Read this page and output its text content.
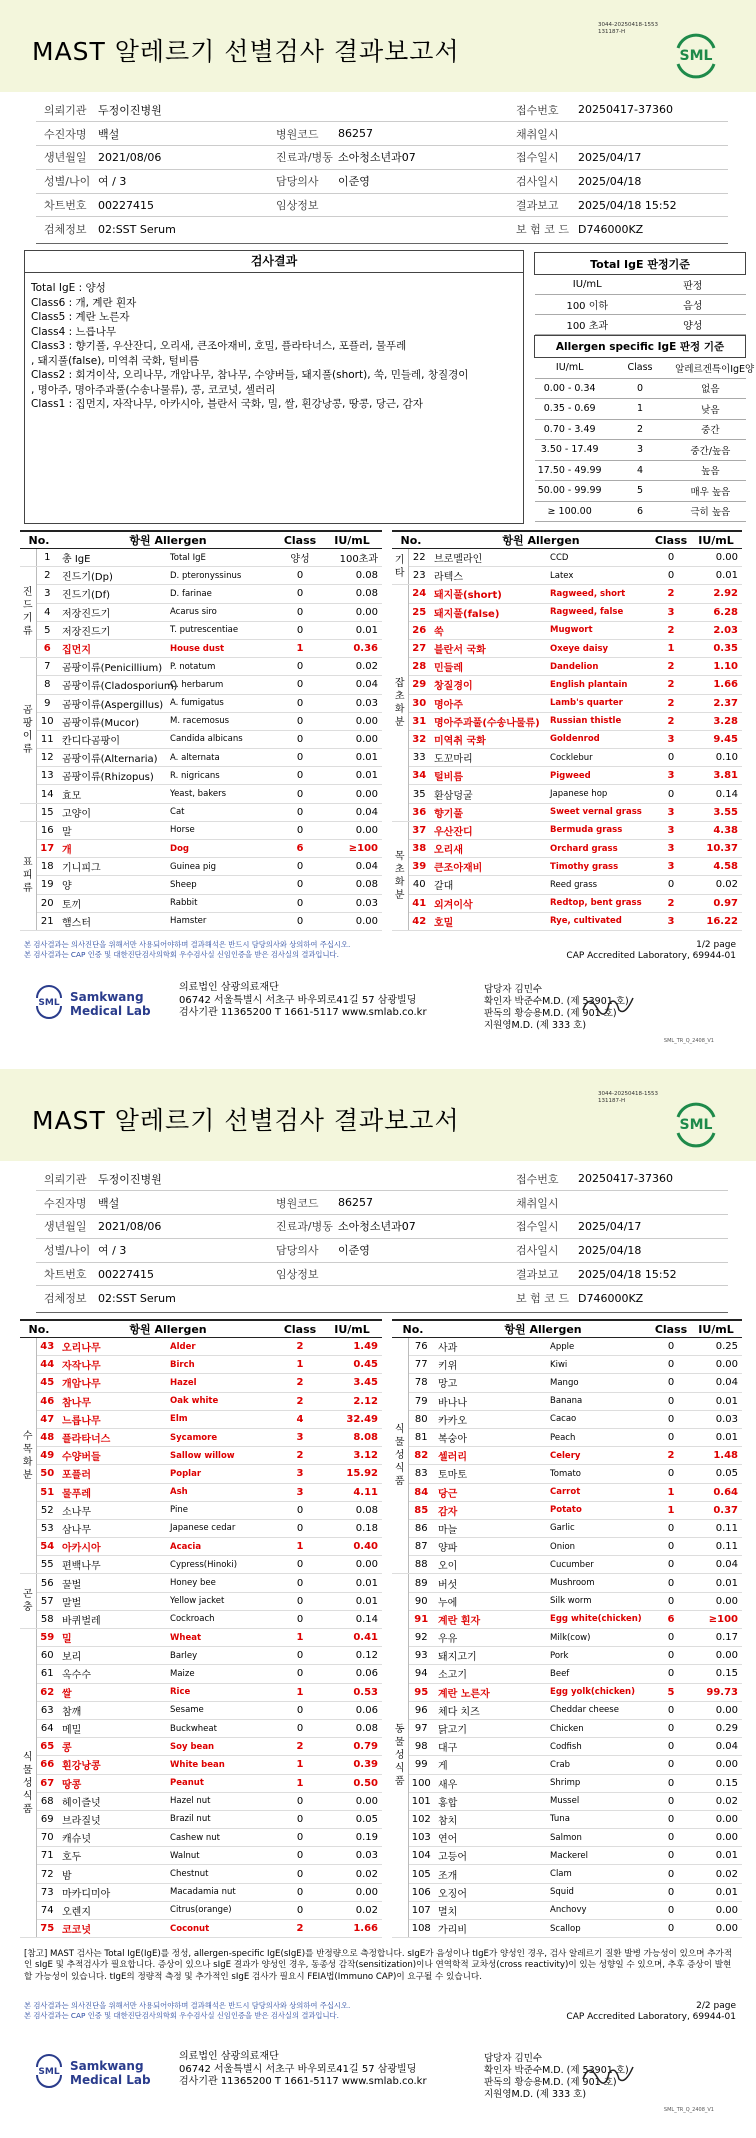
MAST 알레르기 선별검사 결과보고서
3044-20250418-1553
131187-H
SML
의뢰기관	두정이진병원			접수번호	20250417-37360
수진자명	백설	병원코드	86257	채취일시	
생년월일	2021/08/06	진료과/병동	소아청소년과07	접수일시	2025/04/17
성별/나이	여 / 3	담당의사	이준영	검사일시	2025/04/18
차트번호	00227415	임상정보		결과보고	2025/04/18 15:52
검체정보	02:SST Serum			보 험 코 드	D746000KZ
검사결과
Total IgE : 양성
Class6 : 개, 계란 흰자
Class5 : 계란 노른자
Class4 : 느릅나무
Class3 : 향기풀, 우산잔디, 오리새, 큰조아재비, 호밀, 플라타너스, 포플러, 물푸레
, 돼지풀(false), 미역취 국화, 털비름
Class2 : 회겨이삭, 오리나무, 개암나무, 참나무, 수양버들, 돼지풀(short), 쑥, 민들레, 창질경이
, 명아주, 명아주과풀(수송나물류), 콩, 코코넛, 셀러리
Class1 : 집먼지, 자작나무, 아카시아, 블란서 국화, 밀, 쌀, 흰강낭콩, 땅콩, 당근, 감자
Total IgE 판정기준	
IU/mL	판정
100 이하	음성
100 초과	양성
Allergen specific IgE 판정 기준		
IU/mL	Class	알레르겐특이IgE양
0.00 - 0.34	0	없음
0.35 - 0.69	1	낮음
0.70 - 3.49	2	중간
3.50 - 17.49	3	중간/높음
17.50 - 49.99	4	높음
50.00 - 99.99	5	매우 높음
≥ 100.00	6	극히 높음
No.		항원 Allergen		Class	IU/mL
	1	총 IgE	Total IgE	양성	100초과
진드기류	2	진드기(Dp)	D. pteronyssinus	0	0.08
	3	진드기(Df)	D. farinae	0	0.08
	4	저장진드기	Acarus siro	0	0.00
	5	저장진드기	T. putrescentiae	0	0.01
	6	집먼지	House dust	1	0.36
곰팡이류	7	곰팡이류(Penicillium)	P. notatum	0	0.02
	8	곰팡이류(Cladosporium)	C. herbarum	0	0.04
	9	곰팡이류(Aspergillus)	A. fumigatus	0	0.03
	10	곰팡이류(Mucor)	M. racemosus	0	0.00
	11	칸디다곰팡이	Candida albicans	0	0.00
	12	곰팡이류(Alternaria)	A. alternata	0	0.01
	13	곰팡이류(Rhizopus)	R. nigricans	0	0.01
	14	효모	Yeast, bakers	0	0.00
	15	고양이	Cat	0	0.04
표피류	16	말	Horse	0	0.00
	17	개	Dog	6	≥100
	18	기니피그	Guinea pig	0	0.04
	19	양	Sheep	0	0.08
	20	토끼	Rabbit	0	0.03
	21	햄스터	Hamster	0	0.00
No.		항원 Allergen		Class	IU/mL
기타	22	브로멜라인	CCD	0	0.00
	23	라텍스	Latex	0	0.01
잡초화분	24	돼지풀(short)	Ragweed, short	2	2.92
	25	돼지풀(false)	Ragweed, false	3	6.28
	26	쑥	Mugwort	2	2.03
	27	블란서 국화	Oxeye daisy	1	0.35
	28	민들레	Dandelion	2	1.10
	29	창질경이	English plantain	2	1.66
	30	명아주	Lamb's quarter	2	2.37
	31	명아주과풀(수송나물류)	Russian thistle	2	3.28
	32	미역취 국화	Goldenrod	3	9.45
	33	도꼬마리	Cocklebur	0	0.10
	34	털비름	Pigweed	3	3.81
	35	환삼덩굴	Japanese hop	0	0.14
	36	향기풀	Sweet vernal grass	3	3.55
목초화분	37	우산잔디	Bermuda grass	3	4.38
	38	오리새	Orchard grass	3	10.37
	39	큰조아재비	Timothy grass	3	4.58
	40	갈대	Reed grass	0	0.02
	41	외겨이삭	Redtop, bent grass	2	0.97
	42	호밀	Rye, cultivated	3	16.22
본 검사결과는 의사진단을 위해서만 사용되어야하며 결과해석은 반드시 담당의사와 상의하여 주십시오.
본 검사결과는 CAP 인증 및 대한진단검사의학회 우수검사실 신임인증을 받은 검사실의 결과입니다.
1/2 page
CAP Accredited Laboratory, 69944-01
SML Samkwang
Medical Lab
의료법인 삼광의료재단
06742 서울특별시 서초구 바우뫼로41길 57 삼광빌딩
검사기관 11365200 T 1661-5117 www.smlab.co.kr
담당자 김민수
확인자 박준수M.D. (제 53901 호)
판독의 황승용M.D. (제 901 호)
지원영M.D. (제 333 호)
SML_TR_Q_2408_V1
MAST 알레르기 선별검사 결과보고서
3044-20250418-1553
131187-H
SML
의뢰기관	두정이진병원			접수번호	20250417-37360
수진자명	백설	병원코드	86257	채취일시	
생년월일	2021/08/06	진료과/병동	소아청소년과07	접수일시	2025/04/17
성별/나이	여 / 3	담당의사	이준영	검사일시	2025/04/18
차트번호	00227415	임상정보		결과보고	2025/04/18 15:52
검체정보	02:SST Serum			보 험 코 드	D746000KZ
No.		항원 Allergen		Class	IU/mL
수목화분	43	오리나무	Alder	2	1.49
	44	자작나무	Birch	1	0.45
	45	개암나무	Hazel	2	3.45
	46	참나무	Oak white	2	2.12
	47	느릅나무	Elm	4	32.49
	48	플라타너스	Sycamore	3	8.08
	49	수양버들	Sallow willow	2	3.12
	50	포플러	Poplar	3	15.92
	51	물푸레	Ash	3	4.11
	52	소나무	Pine	0	0.08
	53	삼나무	Japanese cedar	0	0.18
	54	아카시아	Acacia	1	0.40
	55	편백나무	Cypress(Hinoki)	0	0.00
곤충	56	꿀벌	Honey bee	0	0.01
	57	말벌	Yellow jacket	0	0.01
	58	바퀴벌레	Cockroach	0	0.14
식물성식품	59	밀	Wheat	1	0.41
	60	보리	Barley	0	0.12
	61	옥수수	Maize	0	0.06
	62	쌀	Rice	1	0.53
	63	참깨	Sesame	0	0.06
	64	메밀	Buckwheat	0	0.08
	65	콩	Soy bean	2	0.79
	66	흰강낭콩	White bean	1	0.39
	67	땅콩	Peanut	1	0.50
	68	헤이즐넛	Hazel nut	0	0.00
	69	브라질넛	Brazil nut	0	0.05
	70	캐슈넛	Cashew nut	0	0.19
	71	호두	Walnut	0	0.03
	72	밤	Chestnut	0	0.02
	73	마카디미아	Macadamia nut	0	0.00
	74	오렌지	Citrus(orange)	0	0.02
	75	코코넛	Coconut	2	1.66
No.		항원 Allergen		Class	IU/mL
식물성식품	76	사과	Apple	0	0.25
	77	키위	Kiwi	0	0.00
	78	망고	Mango	0	0.04
	79	바나나	Banana	0	0.01
	80	카카오	Cacao	0	0.03
	81	복숭아	Peach	0	0.01
	82	셀러리	Celery	2	1.48
	83	토마토	Tomato	0	0.05
	84	당근	Carrot	1	0.64
	85	감자	Potato	1	0.37
	86	마늘	Garlic	0	0.11
	87	양파	Onion	0	0.11
	88	오이	Cucumber	0	0.04
동물성식품	89	버섯	Mushroom	0	0.01
	90	누에	Silk worm	0	0.00
	91	계란 흰자	Egg white(chicken)	6	≥100
	92	우유	Milk(cow)	0	0.17
	93	돼지고기	Pork	0	0.00
	94	소고기	Beef	0	0.15
	95	계란 노른자	Egg yolk(chicken)	5	99.73
	96	체다 치즈	Cheddar cheese	0	0.00
	97	닭고기	Chicken	0	0.29
	98	대구	Codfish	0	0.04
	99	게	Crab	0	0.00
	100	새우	Shrimp	0	0.15
	101	홍합	Mussel	0	0.02
	102	참치	Tuna	0	0.00
	103	연어	Salmon	0	0.00
	104	고등어	Mackerel	0	0.01
	105	조개	Clam	0	0.02
	106	오징어	Squid	0	0.01
	107	멸치	Anchovy	0	0.00
	108	가리비	Scallop	0	0.00
[참고] MAST 검사는 Total IgE(IgE)를 정성, allergen-specific IgE(sIgE)를 반정량으로 측정합니다. sIgE가 음성이나 tIgE가 양성인 경우, 검사 알레르기 질환 발병 가능성이 있으며 추가적인 sIgE 및 추적검사가 필요합니다. 증상이 있으나 sIgE 결과가 양성인 경우, 동종성 감작(sensitization)이나 연역학적 교차성(cross reactivity)이 있는 성향일 수 있으며, 추후 증상이 발현할 가능성이 있습니다. tIgE의 정량적 측정 및 추가적인 sIgE 검사가 필요시 FEIA법(Immuno CAP)이 요구될 수 있습니다.
본 검사결과는 의사진단을 위해서만 사용되어야하며 결과해석은 반드시 담당의사와 상의하여 주십시오.
본 검사결과는 CAP 인증 및 대한진단검사의학회 우수검사실 신임인증을 받은 검사실의 결과입니다.
2/2 page
CAP Accredited Laboratory, 69944-01
SML Samkwang
Medical Lab
의료법인 삼광의료재단
06742 서울특별시 서초구 바우뫼로41길 57 삼광빌딩
검사기관 11365200 T 1661-5117 www.smlab.co.kr
담당자 김민수
확인자 박준수M.D. (제 53901 호)
판독의 황승용M.D. (제 901 호)
지원영M.D. (제 333 호)
SML_TR_Q_2408_V1
